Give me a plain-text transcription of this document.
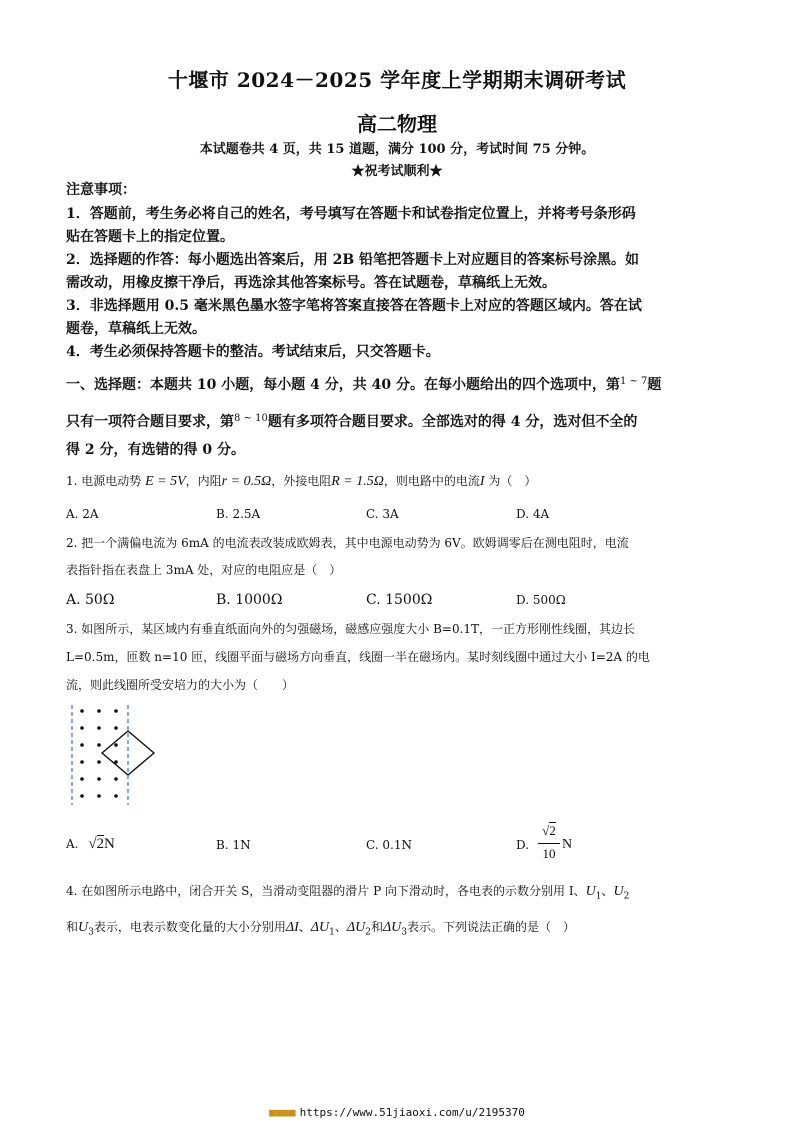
十堰市 2024－2025 学年度上学期期末调研考试
高二物理
本试题卷共 4 页，共 15 道题，满分 100 分，考试时间 75 分钟。
★祝考试顺利★
注意事项：
1．答题前，考生务必将自己的姓名，考号填写在答题卡和试卷指定位置上，并将考号条形码
贴在答题卡上的指定位置。
2．选择题的作答：每小题选出答案后，用 2B 铅笔把答题卡上对应题目的答案标号涂黑。如
需改动，用橡皮擦干净后，再选涂其他答案标号。答在试题卷，草稿纸上无效。
3．非选择题用 0.5 毫米黑色墨水签字笔将答案直接答在答题卡上对应的答题区域内。答在试
题卷，草稿纸上无效。
4．考生必须保持答题卡的整洁。考试结束后，只交答题卡。
一、选择题：本题共 10 小题，每小题 4 分，共 40 分。在每小题给出的四个选项中，第$^{1 \sim 7}$题
只有一项符合题目要求，第$^{8 \sim 10}$题有多项符合题目要求。全部选对的得 4 分，选对但不全的
得 2 分，有选错的得 0 分。
1. 电源电动势 E = 5V，内阻r = 0.5Ω，外接电阻R = 1.5Ω，则电路中的电流I 为（　）
A. 2A	B. 2.5A	C. 3A	D. 4A
2. 把一个满偏电流为 6mA 的电流表改装成欧姆表，其中电源电动势为 6V。欧姆调零后在测电阻时，电流
表指针指在表盘上 3mA 处，对应的电阻应是（　）
A. 50Ω	B. 1000Ω	C. 1500Ω	D. 500Ω
3. 如图所示，某区域内有垂直纸面向外的匀强磁场，磁感应强度大小 B=0.1T，一正方形刚性线圈，其边长
L=0.5m，匝数 n=10 匝，线圈平面与磁场方向垂直，线圈一半在磁场内。某时刻线圈中通过大小 I=2A 的电
流，则此线圈所受安培力的大小为（　　）
A. √2N	B. 1N	C. 0.1N	D.
√2
10
N
4. 在如图所示电路中，闭合开关 S，当滑动变阻器的滑片 P 向下滑动时，各电表的示数分别用 I、$U_1$、$U_2$
和$U_3$表示，电表示数变化量的大小分别用ΔI、$\Delta U_1$、$\Delta U_2$和$\Delta U_3$表示。下列说法正确的是（　）
■■■■ https://www.51jiaoxi.com/u/2195370
